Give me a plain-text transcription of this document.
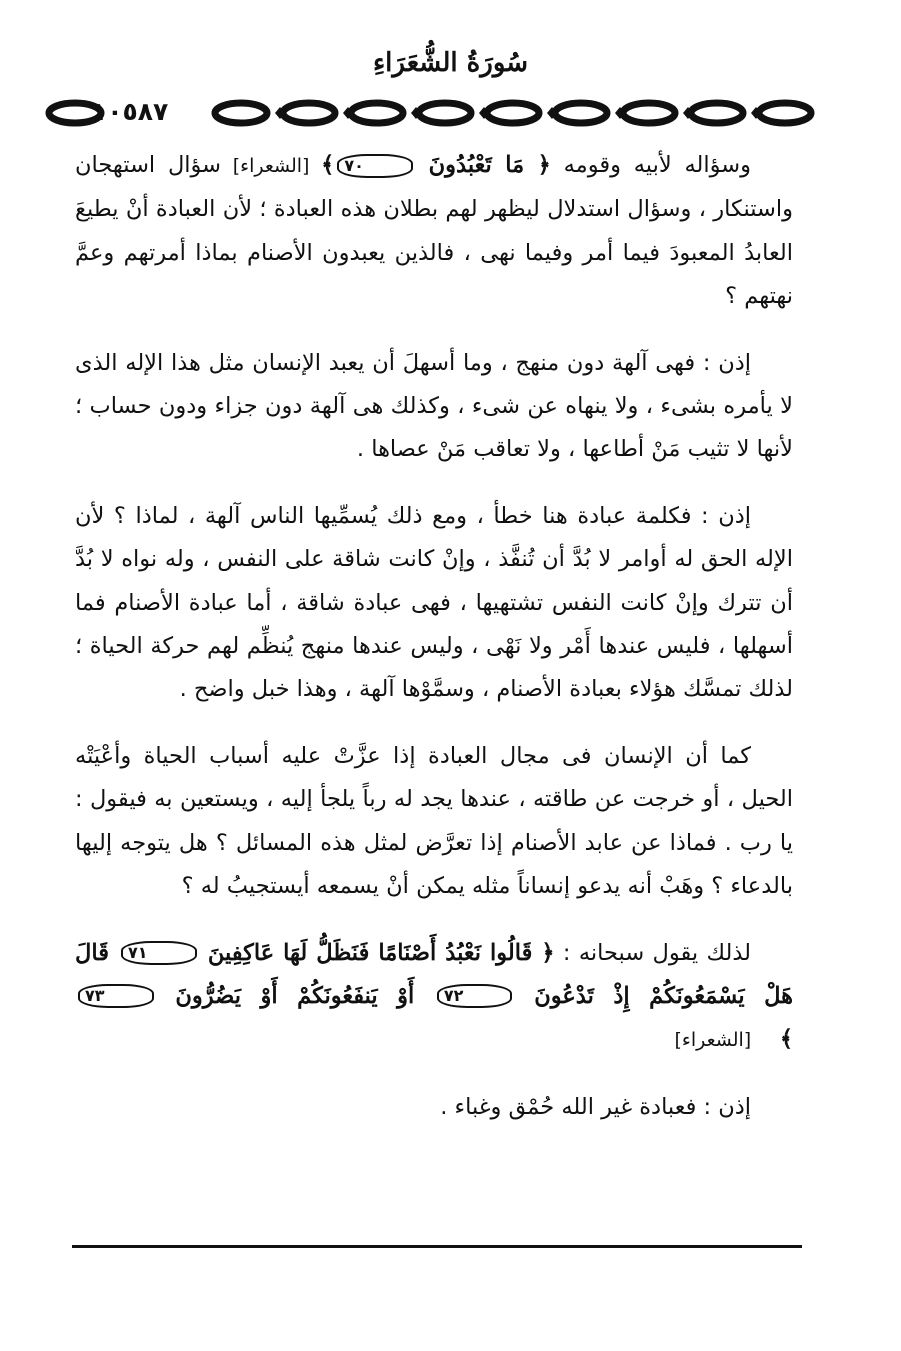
سُورَةُ الشُّعَرَاءِ
١٠٥٨٧

وسؤاله لأبيه وقومه ﴿ مَا تَعْبُدُونَ ٧٠﴾ [الشعراء] سؤال استهجان واستنكار ، وسؤال استدلال ليظهر لهم بطلان هذه العبادة ؛ لأن العبادة أنْ يطيعَ العابدُ المعبودَ فيما أمر وفيما نهى ، فالذين يعبدون الأصنام بماذا أمرتهم وعمَّ نهتهم ؟

إذن : فهى آلهة دون منهج ، وما أسهلَ أن يعبد الإنسان مثل هذا الإله الذى لا يأمره بشىء ، ولا ينهاه عن شىء ، وكذلك هى آلهة دون جزاء ودون حساب ؛ لأنها لا تثيب مَنْ أطاعها ، ولا تعاقب مَنْ عصاها .

إذن : فكلمة عبادة هنا خطأ ، ومع ذلك يُسمِّيها الناس آلهة ، لماذا ؟ لأن الإله الحق له أوامر لا بُدَّ أن تُنفَّذ ، وإنْ كانت شاقة على النفس ، وله نواه لا بُدَّ أن تترك وإنْ كانت النفس تشتهيها ، فهى عبادة شاقة ، أما عبادة الأصنام فما أسهلها ، فليس عندها أَمْر ولا نَهْى ، وليس عندها منهج يُنظِّم لهم حركة الحياة ؛ لذلك تمسَّك هؤلاء بعبادة الأصنام ، وسمَّوْها آلهة ، وهذا خبل واضح .

كما أن الإنسان فى مجال العبادة إذا عزَّتْ عليه أسباب الحياة وأعْيَتْه الحيل ، أو خرجت عن طاقته ، عندها يجد له رباً يلجأ إليه ، ويستعين به فيقول : يا رب . فماذا عن عابد الأصنام إذا تعرَّض لمثل هذه المسائل ؟ هل يتوجه إليها بالدعاء ؟ وهَبْ أنه يدعو إنساناً مثله يمكن أنْ يسمعه أيستجيبُ له ؟

لذلك يقول سبحانه : ﴿ قَالُوا نَعْبُدُ أَصْنَامًا فَنَظَلُّ لَهَا عَاكِفِينَ ٧١ قَالَ هَلْ يَسْمَعُونَكُمْ إِذْ تَدْعُونَ ٧٢ أَوْ يَنفَعُونَكُمْ أَوْ يَضُرُّونَ ٧٣ ﴾    [الشعراء]

إذن : فعبادة غير الله حُمْق وغباء .
